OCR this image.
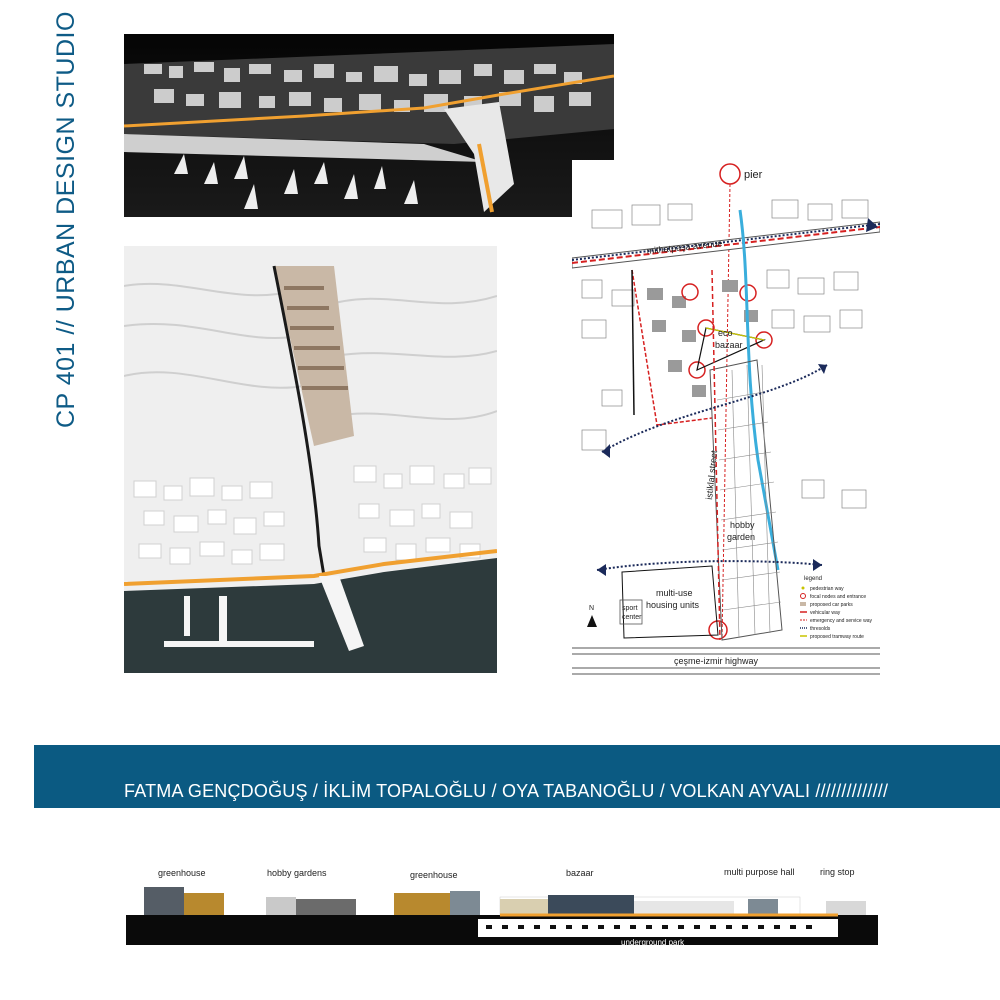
CP 401 // URBAN DESIGN STUDIO	pier
mithatpaşa avenue
eco
bazaar
istiklal street
hobby
garden
multi-use
housing units
sport
center
N
legend
pedestrian way
focal nodes and entrance
proposed car parks
vehicular way
emergency and service way
thresolds
proposed tramway route
çeşme-izmir highway
FATMA GENÇDOĞUŞ / İKLİM TOPALOĞLU / OYA TABANOĞLU / VOLKAN AYVALI //////////////
greenhouse	hobby gardens	greenhouse	bazaar	multi purpose hall	ring stop
underground park
